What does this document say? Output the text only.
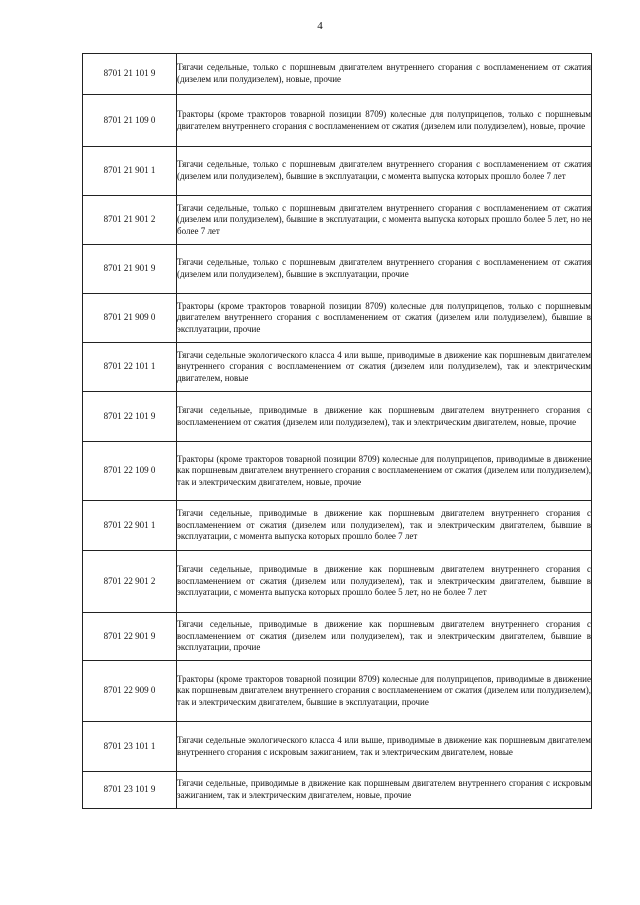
4
8701 21 101 9	Тягачи седельные, только с поршневым двигателем внутреннего сгорания с воспламенением от сжатия (дизелем или полудизелем), новые, прочие
8701 21 109 0	Тракторы (кроме тракторов товарной позиции 8709) колесные для полуприцепов, только с поршневым двигателем внутреннего сгорания с воспламенением от сжатия (дизелем или полудизелем), новые, прочие
8701 21 901 1	Тягачи седельные, только с поршневым двигателем внутреннего сгорания с воспламенением от сжатия (дизелем или полудизелем), бывшие в эксплуатации, с момента выпуска которых прошло более 7 лет
8701 21 901 2	Тягачи седельные, только с поршневым двигателем внутреннего сгорания с воспламенением от сжатия (дизелем или полудизелем), бывшие в эксплуатации, с момента выпуска которых прошло более 5 лет, но не более 7 лет
8701 21 901 9	Тягачи седельные, только с поршневым двигателем внутреннего сгорания с воспламенением от сжатия (дизелем или полудизелем), бывшие в эксплуатации, прочие
8701 21 909 0	Тракторы (кроме тракторов товарной позиции 8709) колесные для полуприцепов, только с поршневым двигателем внутреннего сгорания с воспламенением от сжатия (дизелем или полудизелем), бывшие в эксплуатации, прочие
8701 22 101 1	Тягачи седельные экологического класса 4 или выше, приводимые в движение как поршневым двигателем внутреннего сгорания с воспламенением от сжатия (дизелем или полудизелем), так и электрическим двигателем, новые
8701 22 101 9	Тягачи седельные, приводимые в движение как поршневым двигателем внутреннего сгорания с воспламенением от сжатия (дизелем или полудизелем), так и электрическим двигателем, новые, прочие
8701 22 109 0	Тракторы (кроме тракторов товарной позиции 8709) колесные для полуприцепов, приводимые в движение как поршневым двигателем внутреннего сгорания с воспламенением от сжатия (дизелем или полудизелем), так и электрическим двигателем, новые, прочие
8701 22 901 1	Тягачи седельные, приводимые в движение как поршневым двигателем внутреннего сгорания с воспламенением от сжатия (дизелем или полудизелем), так и электрическим двигателем, бывшие в эксплуатации, с момента выпуска которых прошло более 7 лет
8701 22 901 2	Тягачи седельные, приводимые в движение как поршневым двигателем внутреннего сгорания с воспламенением от сжатия (дизелем или полудизелем), так и электрическим двигателем, бывшие в эксплуатации, с момента выпуска которых прошло более 5 лет, но не более 7 лет
8701 22 901 9	Тягачи седельные, приводимые в движение как поршневым двигателем внутреннего сгорания с воспламенением от сжатия (дизелем или полудизелем), так и электрическим двигателем, бывшие в эксплуатации, прочие
8701 22 909 0	Тракторы (кроме тракторов товарной позиции 8709) колесные для полуприцепов, приводимые в движение как поршневым двигателем внутреннего сгорания с воспламенением от сжатия (дизелем или полудизелем), так и электрическим двигателем, бывшие в эксплуатации, прочие
8701 23 101 1	Тягачи седельные экологического класса 4 или выше, приводимые в движение как поршневым двигателем внутреннего сгорания с искровым зажиганием, так и электрическим двигателем, новые
8701 23 101 9	Тягачи седельные, приводимые в движение как поршневым двигателем внутреннего сгорания с искровым зажиганием, так и электрическим двигателем, новые, прочие
